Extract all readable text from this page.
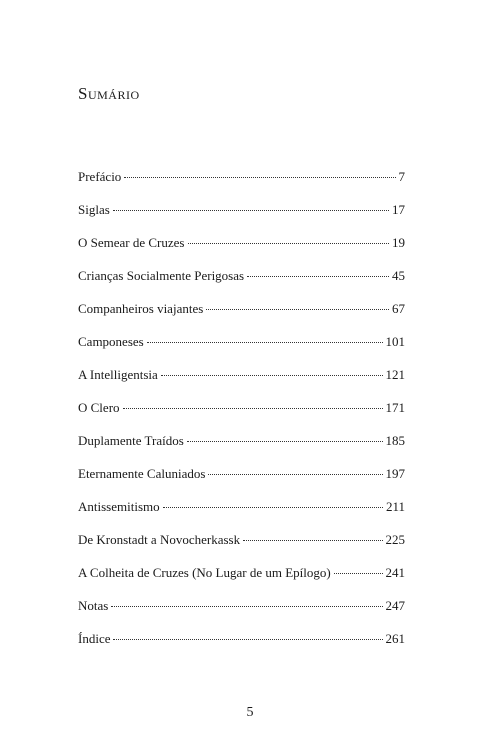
Sumário
Prefácio	7
Siglas	17
O Semear de Cruzes	19
Crianças Socialmente Perigosas	45
Companheiros viajantes	67
Camponeses	101
A Intelligentsia	121
O Clero	171
Duplamente Traídos	185
Eternamente Caluniados	197
Antissemitismo	211
De Kronstadt a Novocherkassk	225
A Colheita de Cruzes (No Lugar de um Epílogo)	241
Notas	247
Índice	261
5
